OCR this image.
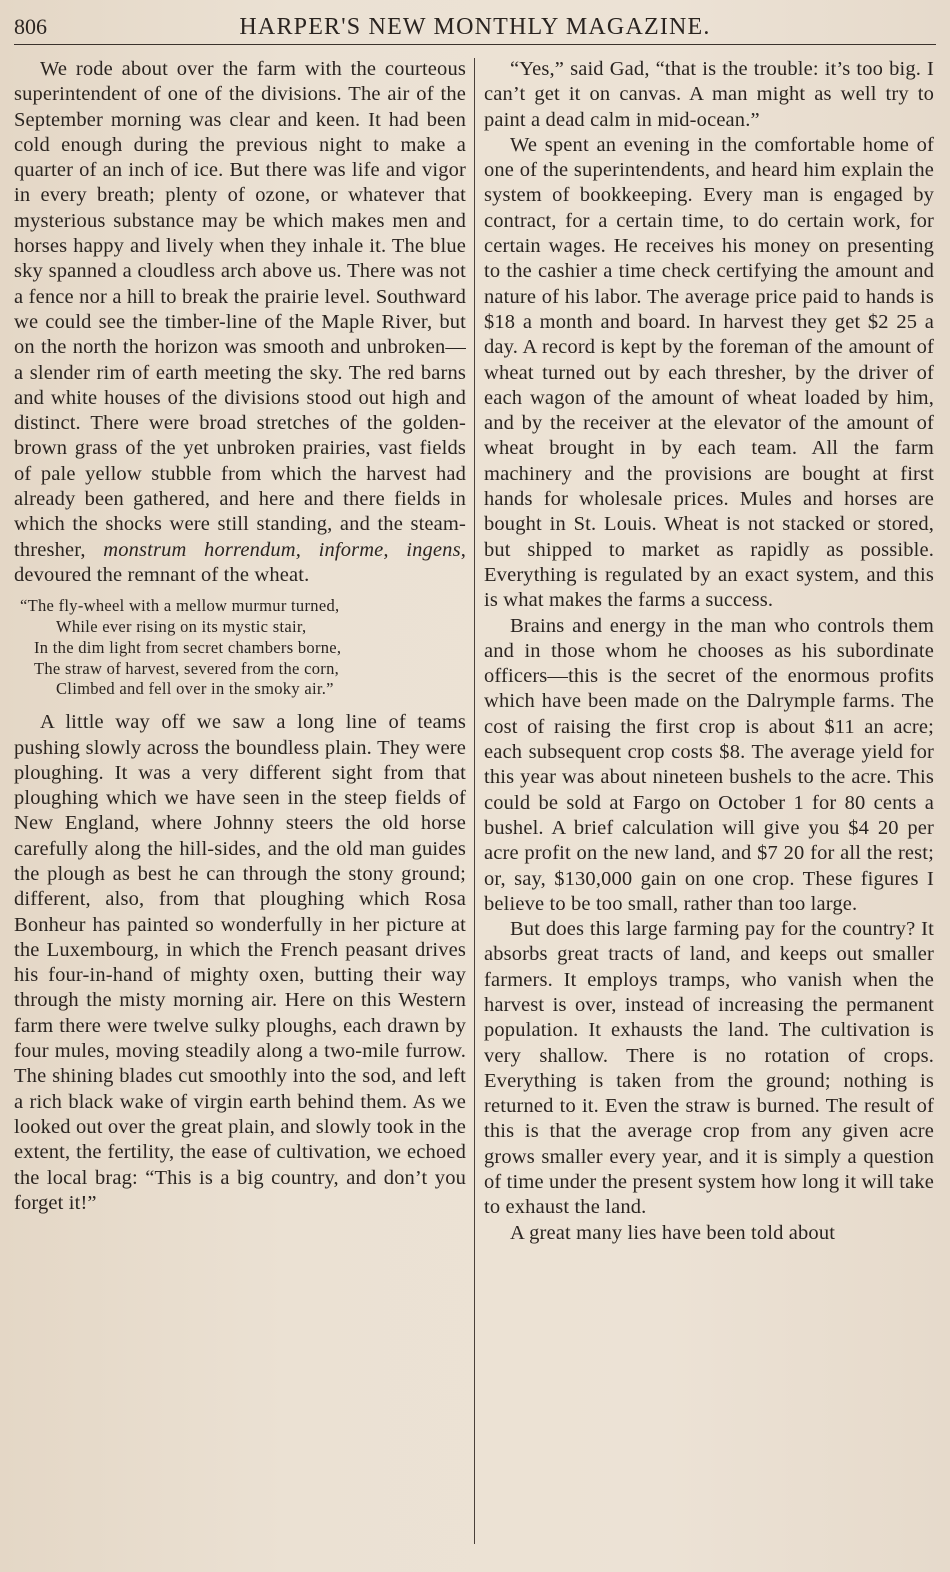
806	HARPER'S NEW MONTHLY MAGAZINE.

We rode about over the farm with the courteous superintendent of one of the divisions. The air of the September morning was clear and keen. It had been cold enough during the previous night to make a quarter of an inch of ice. But there was life and vigor in every breath; plenty of ozone, or whatever that mysterious substance may be which makes men and horses happy and lively when they inhale it. The blue sky spanned a cloudless arch above us. There was not a fence nor a hill to break the prairie level. Southward we could see the timber-line of the Maple River, but on the north the horizon was smooth and unbroken—a slender rim of earth meeting the sky. The red barns and white houses of the divisions stood out high and distinct. There were broad stretches of the golden-brown grass of the yet unbroken prairies, vast fields of pale yellow stubble from which the harvest had already been gathered, and here and there fields in which the shocks were still standing, and the steam-thresher, monstrum horrendum, informe, ingens, devoured the remnant of the wheat.

“The fly-wheel with a mellow murmur turned,
While ever rising on its mystic stair,
In the dim light from secret chambers borne,
The straw of harvest, severed from the corn,
Climbed and fell over in the smoky air.”

A little way off we saw a long line of teams pushing slowly across the boundless plain. They were ploughing. It was a very different sight from that ploughing which we have seen in the steep fields of New England, where Johnny steers the old horse carefully along the hill-sides, and the old man guides the plough as best he can through the stony ground; different, also, from that ploughing which Rosa Bonheur has painted so wonderfully in her picture at the Luxembourg, in which the French peasant drives his four-in-hand of mighty oxen, butting their way through the misty morning air. Here on this Western farm there were twelve sulky ploughs, each drawn by four mules, moving steadily along a two-mile furrow. The shining blades cut smoothly into the sod, and left a rich black wake of virgin earth behind them. As we looked out over the great plain, and slowly took in the extent, the fertility, the ease of cultivation, we echoed the local brag: “This is a big country, and don’t you forget it!”

“Yes,” said Gad, “that is the trouble: it’s too big. I can’t get it on canvas. A man might as well try to paint a dead calm in mid-ocean.”

We spent an evening in the comfortable home of one of the superintendents, and heard him explain the system of bookkeeping. Every man is engaged by contract, for a certain time, to do certain work, for certain wages. He receives his money on presenting to the cashier a time check certifying the amount and nature of his labor. The average price paid to hands is $18 a month and board. In harvest they get $2 25 a day. A record is kept by the foreman of the amount of wheat turned out by each thresher, by the driver of each wagon of the amount of wheat loaded by him, and by the receiver at the elevator of the amount of wheat brought in by each team. All the farm machinery and the provisions are bought at first hands for wholesale prices. Mules and horses are bought in St. Louis. Wheat is not stacked or stored, but shipped to market as rapidly as possible. Everything is regulated by an exact system, and this is what makes the farms a success.

Brains and energy in the man who controls them and in those whom he chooses as his subordinate officers—this is the secret of the enormous profits which have been made on the Dalrymple farms. The cost of raising the first crop is about $11 an acre; each subsequent crop costs $8. The average yield for this year was about nineteen bushels to the acre. This could be sold at Fargo on October 1 for 80 cents a bushel. A brief calculation will give you $4 20 per acre profit on the new land, and $7 20 for all the rest; or, say, $130,000 gain on one crop. These figures I believe to be too small, rather than too large.

But does this large farming pay for the country? It absorbs great tracts of land, and keeps out smaller farmers. It employs tramps, who vanish when the harvest is over, instead of increasing the permanent population. It exhausts the land. The cultivation is very shallow. There is no rotation of crops. Everything is taken from the ground; nothing is returned to it. Even the straw is burned. The result of this is that the average crop from any given acre grows smaller every year, and it is simply a question of time under the present system how long it will take to exhaust the land.

A great many lies have been told about
